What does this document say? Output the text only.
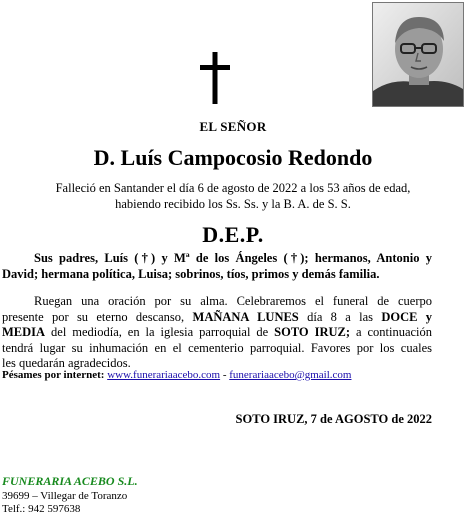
EL SEÑOR
D. Luís Campocosio Redondo
Falleció en Santander el día 6 de agosto de 2022 a los 53 años de edad,
habiendo recibido los Ss. Ss. y la B. A. de S. S.
D.E.P.
Sus padres, Luís (†) y Mª de los Ángeles (†); hermanos, Antonio y
David; hermana política, Luisa; sobrinos, tíos, primos y demás familia.
Ruegan una oración por su alma. Celebraremos el funeral de cuerpo
presente por su eterno descanso, MAÑANA LUNES día 8 a las DOCE y
MEDIA del mediodía, en la iglesia parroquial de SOTO IRUZ; a continuación
tendrá lugar su inhumación en el cementerio parroquial. Favores por los cuales
les quedarán agradecidos.
Pésames por internet: www.funerariaacebo.com - funerariaacebo@gmail.com
SOTO IRUZ, 7 de AGOSTO de 2022
FUNERARIA ACEBO S.L.
39699 – Villegar de Toranzo
Telf.: 942 597638
